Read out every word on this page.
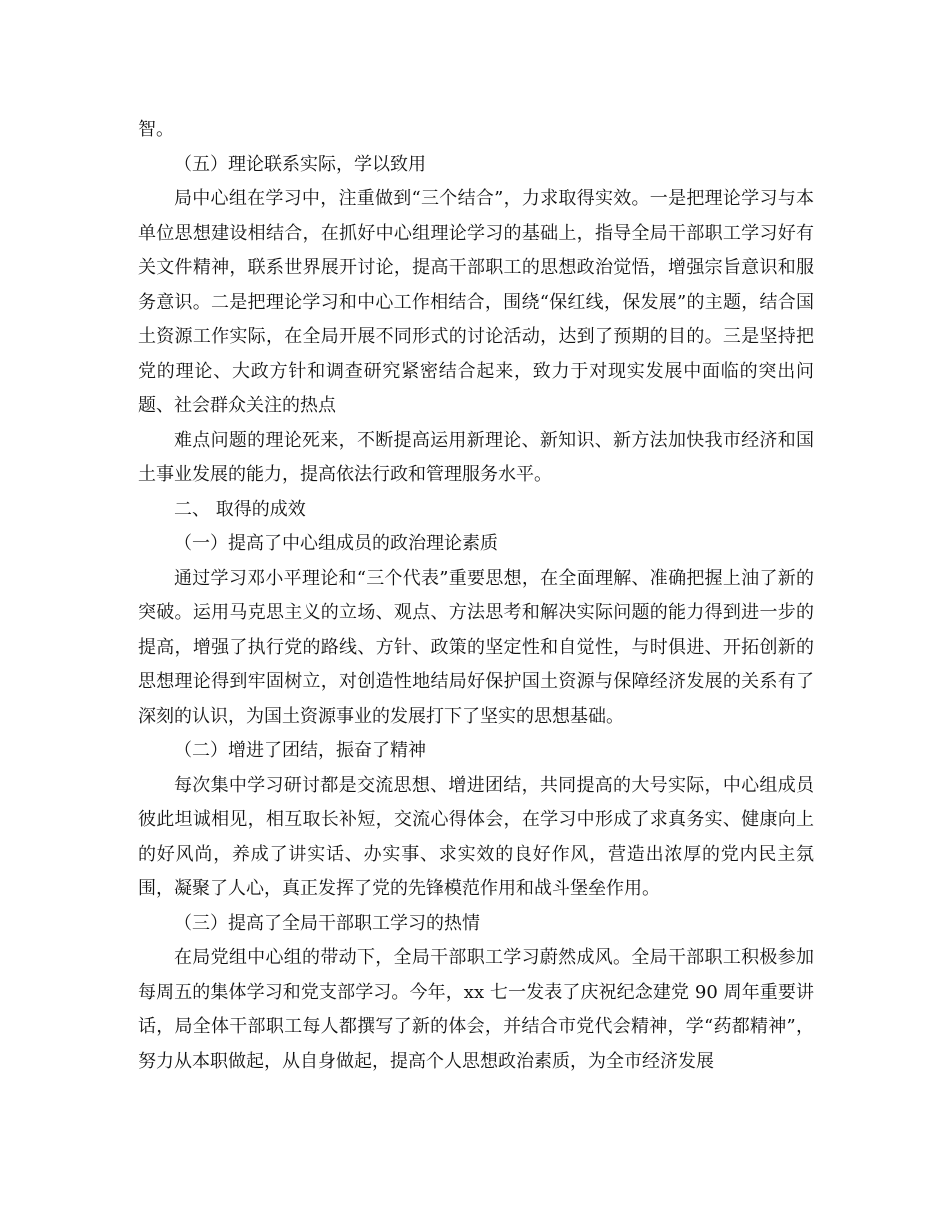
智。

（五）理论联系实际，学以致用

局中心组在学习中，注重做到“三个结合”，力求取得实效。一是把理论学习与本单位思想建设相结合，在抓好中心组理论学习的基础上，指导全局干部职工学习好有关文件精神，联系世界展开讨论，提高干部职工的思想政治觉悟，增强宗旨意识和服务意识。二是把理论学习和中心工作相结合，围绕“保红线，保发展”的主题，结合国土资源工作实际，在全局开展不同形式的讨论活动，达到了预期的目的。三是坚持把党的理论、大政方针和调查研究紧密结合起来，致力于对现实发展中面临的突出问题、社会群众关注的热点

难点问题的理论死来，不断提高运用新理论、新知识、新方法加快我市经济和国土事业发展的能力，提高依法行政和管理服务水平。

二、 取得的成效

（一）提高了中心组成员的政治理论素质

通过学习邓小平理论和“三个代表”重要思想，在全面理解、准确把握上油了新的突破。运用马克思主义的立场、观点、方法思考和解决实际问题的能力得到进一步的提高，增强了执行党的路线、方针、政策的坚定性和自觉性，与时俱进、开拓创新的思想理论得到牢固树立，对创造性地结局好保护国土资源与保障经济发展的关系有了深刻的认识，为国土资源事业的发展打下了坚实的思想基础。

（二）增进了团结，振奋了精神

每次集中学习研讨都是交流思想、增进团结，共同提高的大号实际，中心组成员彼此坦诚相见，相互取长补短，交流心得体会，在学习中形成了求真务实、健康向上的好风尚，养成了讲实话、办实事、求实效的良好作风，营造出浓厚的党内民主氛围，凝聚了人心，真正发挥了党的先锋模范作用和战斗堡垒作用。

（三）提高了全局干部职工学习的热情

在局党组中心组的带动下，全局干部职工学习蔚然成风。全局干部职工积极参加每周五的集体学习和党支部学习。今年，xx 七一发表了庆祝纪念建党 90 周年重要讲话，局全体干部职工每人都撰写了新的体会，并结合市党代会精神，学“药都精神”，努力从本职做起，从自身做起，提高个人思想政治素质，为全市经济发展
